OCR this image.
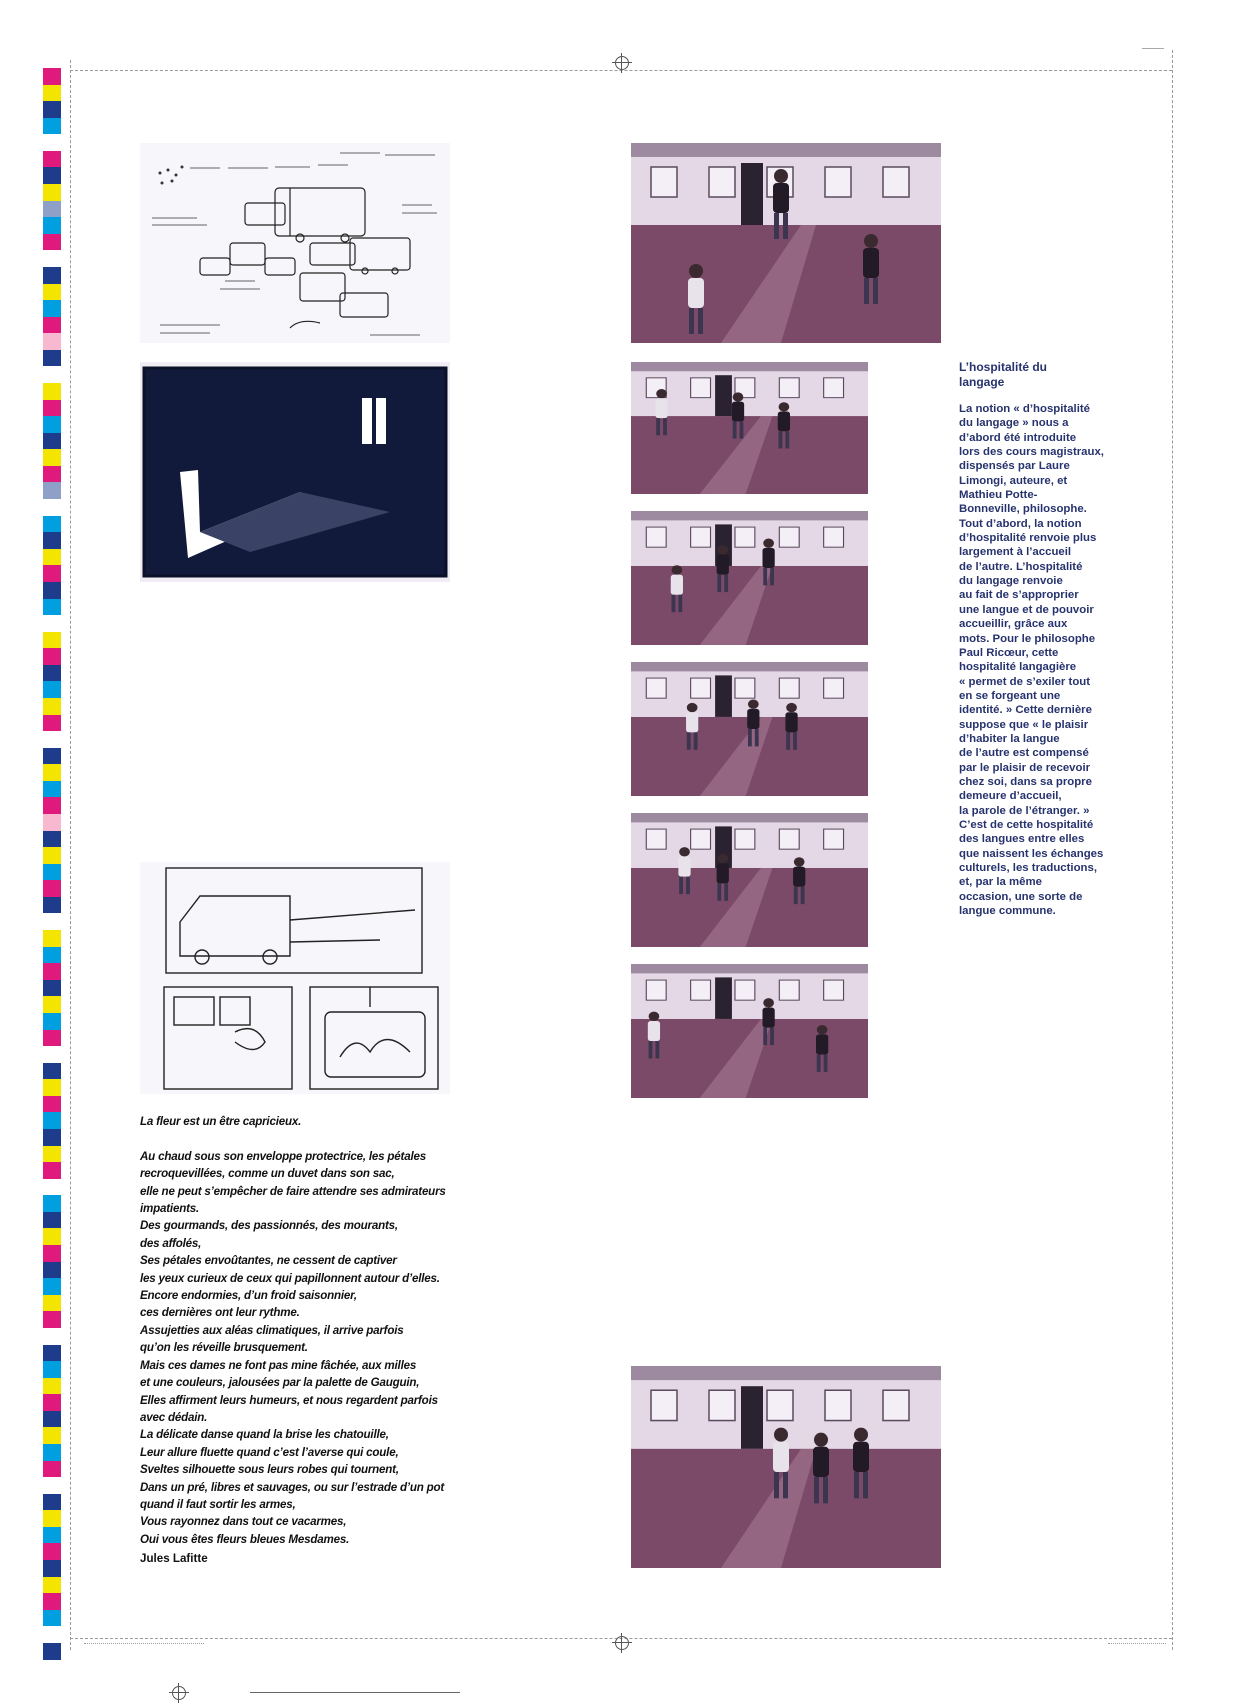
L’hospitalité du
langage
La notion « d’hospitalité
du langage » nous a
d’abord été introduite
lors des cours magistraux,
dispensés par Laure
Limongi, auteure, et
Mathieu Potte-
Bonneville, philosophe.
Tout d’abord, la notion
d’hospitalité renvoie plus
largement à l’accueil
de l’autre. L’hospitalité
du langage renvoie
au fait de s’approprier
une langue et de pouvoir
accueillir, grâce aux
mots. Pour le philosophe
Paul Ricœur, cette
hospitalité langagière
« permet de s’exiler tout
en se forgeant une
identité. » Cette dernière
suppose que « le plaisir
d’habiter la langue
de l’autre est compensé
par le plaisir de recevoir
chez soi, dans sa propre
demeure d’accueil,
la parole de l’étranger. »
C’est de cette hospitalité
des langues entre elles
que naissent les échanges
culturels, les traductions,
et, par la même
occasion, une sorte de
langue commune.
La fleur est un être capricieux.

Au chaud sous son enveloppe protectrice, les pétales
recroquevillées, comme un duvet dans son sac,
elle ne peut s’empêcher de faire attendre ses admirateurs
impatients.
Des gourmands, des passionnés, des mourants,
des affolés,
Ses pétales envoûtantes, ne cessent de captiver
les yeux curieux de ceux qui papillonnent autour d’elles.
Encore endormies, d’un froid saisonnier,
ces dernières ont leur rythme.
Assujetties aux aléas climatiques, il arrive parfois
qu’on les réveille brusquement.
Mais ces dames ne font pas mine fâchée, aux milles
et une couleurs, jalousées par la palette de Gauguin,
Elles affirment leurs humeurs, et nous regardent parfois
avec dédain.
La délicate danse quand la brise les chatouille,
Leur allure fluette quand c’est l’averse qui coule,
Sveltes silhouette sous leurs robes qui tournent,
Dans un pré, libres et sauvages, ou sur l’estrade d’un pot
quand il faut sortir les armes,
Vous rayonnez dans tout ce vacarmes,
Oui vous êtes fleurs bleues Mesdames.
Jules Lafitte
